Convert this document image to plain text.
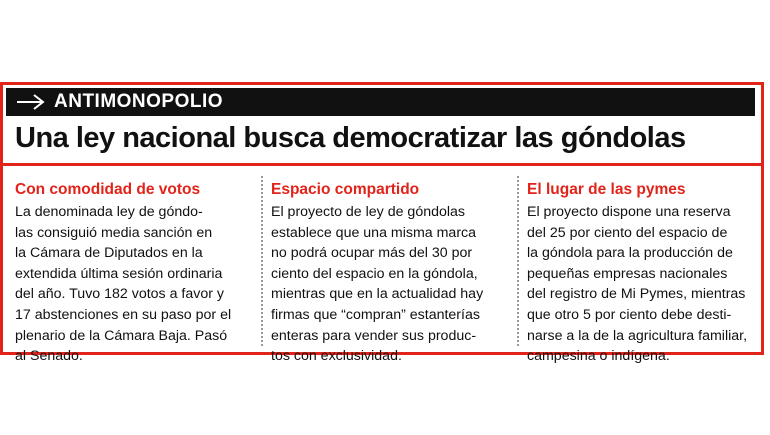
ANTIMONOPOLIO
Una ley nacional busca democratizar las góndolas
Con comodidad de votos

La denominada ley de góndo-
las consiguió media sanción en
la Cámara de Diputados en la
extendida última sesión ordinaria
del año. Tuvo 182 votos a favor y
17 abstenciones en su paso por el
plenario de la Cámara Baja. Pasó
al Senado.

Espacio compartido

El proyecto de ley de góndolas
establece que una misma marca
no podrá ocupar más del 30 por
ciento del espacio en la góndola,
mientras que en la actualidad hay
firmas que “compran” estanterías
enteras para vender sus produc-
tos con exclusividad.

El lugar de las pymes

El proyecto dispone una reserva
del 25 por ciento del espacio de
la góndola para la producción de
pequeñas empresas nacionales
del registro de Mi Pymes, mientras
que otro 5 por ciento debe desti-
narse a la de la agricultura familiar,
campesina o indígena.
